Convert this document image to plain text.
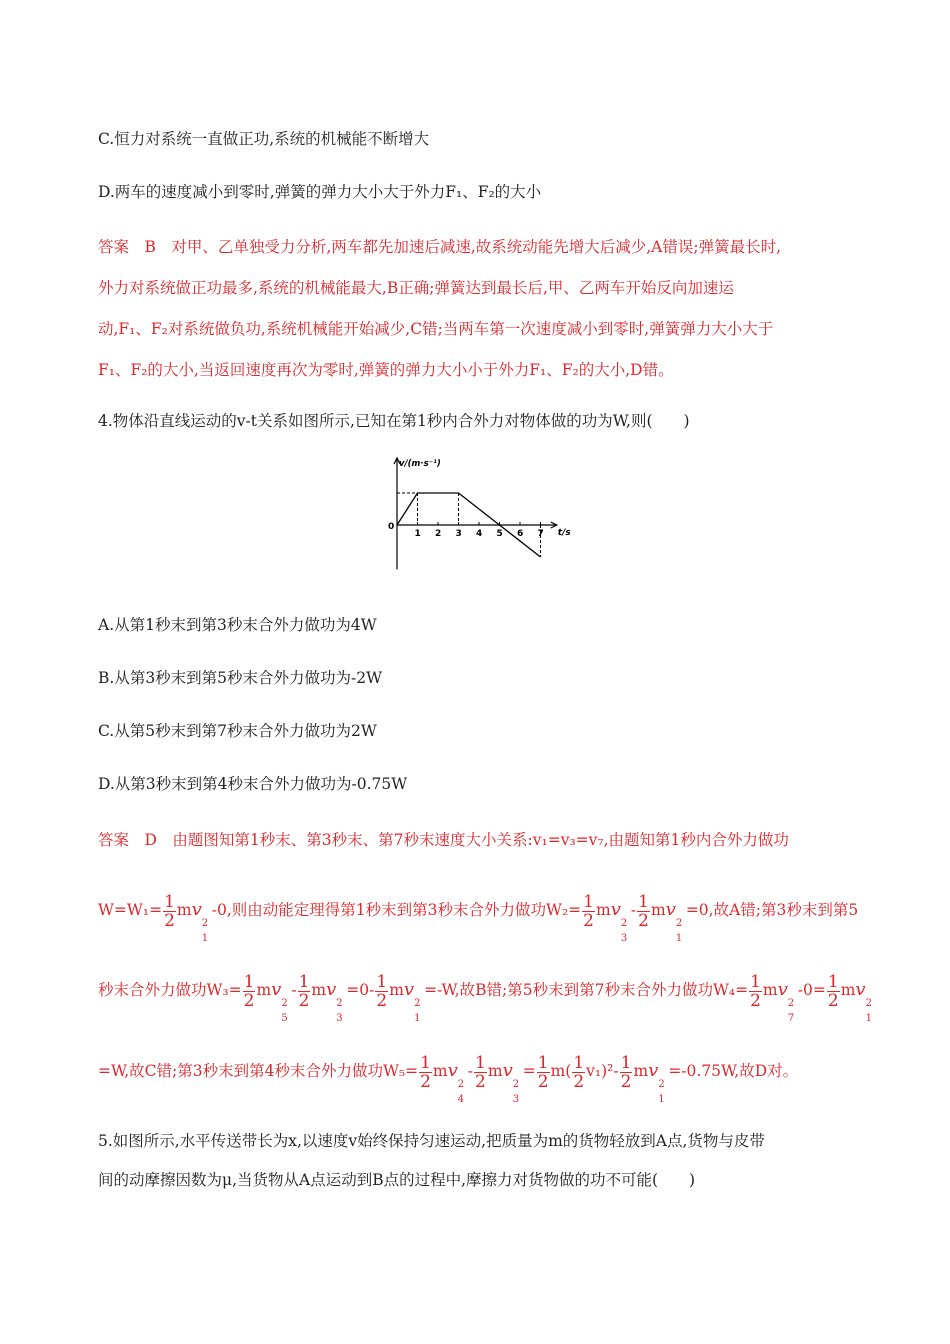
C.恒力对系统一直做正功,系统的机械能不断增大
D.两车的速度减小到零时,弹簧的弹力大小大于外力F₁、F₂的大小
答案　B　对甲、乙单独受力分析,两车都先加速后减速,故系统动能先增大后减少,A错误;弹簧最长时,
外力对系统做正功最多,系统的机械能最大,B正确;弹簧达到最长后,甲、乙两车开始反向加速运
动,F₁、F₂对系统做负功,系统机械能开始减少,C错;当两车第一次速度减小到零时,弹簧弹力大小大于
F₁、F₂的大小,当返回速度再次为零时,弹簧的弹力大小小于外力F₁、F₂的大小,D错。
4.物体沿直线运动的v-t关系如图所示,已知在第1秒内合外力对物体做的功为W,则(　　)
v/(m·s⁻¹)
t/s
0
1 2 3 4 5 6 7
A.从第1秒末到第3秒末合外力做功为4W
B.从第3秒末到第5秒末合外力做功为-2W
C.从第5秒末到第7秒末合外力做功为2W
D.从第3秒末到第4秒末合外力做功为-0.75W
答案　D　由题图知第1秒末、第3秒末、第7秒末速度大小关系:v₁=v₃=v₇,由题知第1秒内合外力做功
$W=W_1= \frac{1}{2}$ mv
2
1
-0,则由动能定理得第1秒末到第3秒末合外力做功$W_2= \frac{1}{2}$ mv
2
3
- $\frac{1}{2}$ mv
2
1
=0,故A错;第3秒末到第5
秒末合外力做功$W_3= \frac{1}{2}$ mv
2
5
- $\frac{1}{2}$ mv
2
3
$=0- \frac{1}{2}$ mv
2
1
=-W,故B错;第5秒末到第7秒末合外力做功$W_4= \frac{1}{2}$ mv
2
7
$-0= \frac{1}{2}$ mv
2
1
=W,故C错;第3秒末到第4秒末合外力做功$W_5= \frac{1}{2}$ mv
2
4
- $\frac{1}{2}$ mv
2
3
= $\frac{1}{2} m( \frac{1}{2} v_1)^2- \frac{1}{2}$ mv
2
1
=-0.75W,故D对。
5.如图所示,水平传送带长为x,以速度v始终保持匀速运动,把质量为m的货物轻放到A点,货物与皮带
间的动摩擦因数为μ,当货物从A点运动到B点的过程中,摩擦力对货物做的功不可能(　　)
